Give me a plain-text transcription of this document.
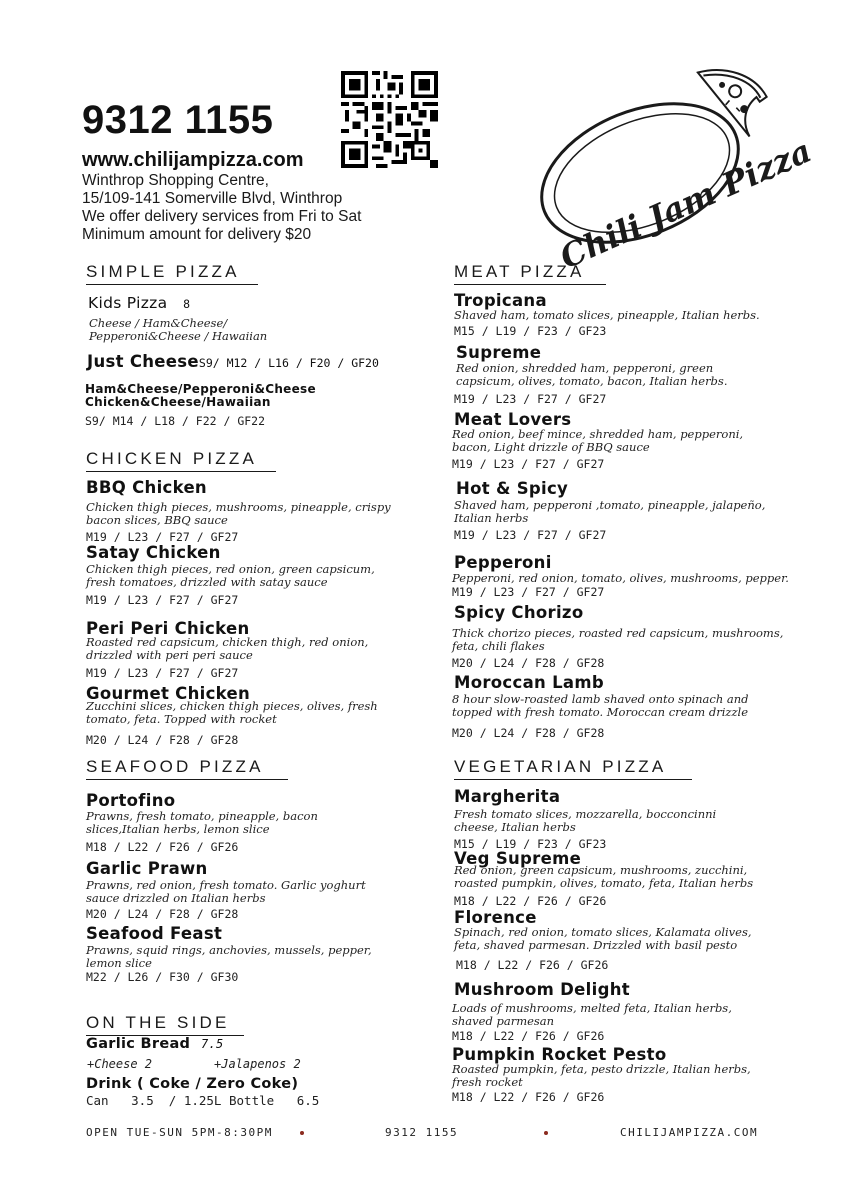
9312 1155
www.chilijampizza.com
Winthrop Shopping Centre,
15/109-141 Somerville Blvd, Winthrop
We offer delivery services from Fri to Sat
Minimum amount for delivery $20	Chili Jam Pizza
SIMPLE PIZZA
Kids Pizza 8
Cheese / Ham&Cheese/ Pepperoni&Cheese / Hawaiian
Just CheeseS9/ M12 / L16 / F20 / GF20
Ham&Cheese/Pepperoni&Cheese Chicken&Cheese/Hawaiian
S9/ M14 / L18 / F22 / GF22
CHICKEN PIZZA
BBQ Chicken
Chicken thigh pieces, mushrooms, pineapple, crispy bacon slices, BBQ sauce
M19 / L23 / F27 / GF27
Satay Chicken
Chicken thigh pieces, red onion, green capsicum, fresh tomatoes, drizzled with satay sauce
M19 / L23 / F27 / GF27
Peri Peri Chicken
Roasted red capsicum, chicken thigh, red onion, drizzled with peri peri sauce
M19 / L23 / F27 / GF27
Gourmet Chicken
Zucchini slices, chicken thigh pieces, olives, fresh tomato, feta. Topped with rocket
M20 / L24 / F28 / GF28
SEAFOOD PIZZA
Portofino
Prawns, fresh tomato, pineapple, bacon slices,Italian herbs, lemon slice
M18 / L22 / F26 / GF26
Garlic Prawn
Prawns, red onion, fresh tomato. Garlic yoghurt sauce drizzled on Italian herbs
M20 / L24 / F28 / GF28
Seafood Feast
Prawns, squid rings, anchovies, mussels, pepper, lemon slice
M22 / L26 / F30 / GF30
ON THE SIDE
Garlic Bread 7.5
+Cheese 2	+Jalapenos 2
Drink ( Coke / Zero Coke)
Can   3.5  / 1.25L Bottle   6.5
MEAT PIZZA
Tropicana
Shaved ham, tomato slices, pineapple, Italian herbs.
M15 / L19 / F23 / GF23
Supreme
Red onion, shredded ham, pepperoni, green capsicum, olives, tomato, bacon, Italian herbs.
M19 / L23 / F27 / GF27
Meat Lovers
Red onion, beef mince, shredded ham, pepperoni, bacon, Light drizzle of BBQ sauce
M19 / L23 / F27 / GF27
Hot & Spicy
Shaved ham, pepperoni ,tomato, pineapple, jalapeño, Italian herbs
M19 / L23 / F27 / GF27
Pepperoni
Pepperoni, red onion, tomato, olives, mushrooms, pepper.
M19 / L23 / F27 / GF27
Spicy Chorizo
Thick chorizo pieces, roasted red capsicum, mushrooms, feta, chili flakes
M20 / L24 / F28 / GF28
Moroccan Lamb
8 hour slow-roasted lamb shaved onto spinach and topped with fresh tomato. Moroccan cream drizzle
M20 / L24 / F28 / GF28
VEGETARIAN PIZZA
Margherita
Fresh tomato slices, mozzarella, bocconcinni cheese, Italian herbs
M15 / L19 / F23 / GF23
Veg Supreme
Red onion, green capsicum, mushrooms, zucchini, roasted pumpkin, olives, tomato, feta, Italian herbs
M18 / L22 / F26 / GF26
Florence
Spinach, red onion, tomato slices, Kalamata olives, feta, shaved parmesan. Drizzled with basil pesto
M18 / L22 / F26 / GF26
Mushroom Delight
Loads of mushrooms, melted feta, Italian herbs, shaved parmesan
M18 / L22 / F26 / GF26
Pumpkin Rocket Pesto
Roasted pumpkin, feta, pesto drizzle, Italian herbs, fresh rocket
M18 / L22 / F26 / GF26
OPEN TUE-SUN 5PM-8:30PM	9312 1155	CHILIJAMPIZZA.COM
